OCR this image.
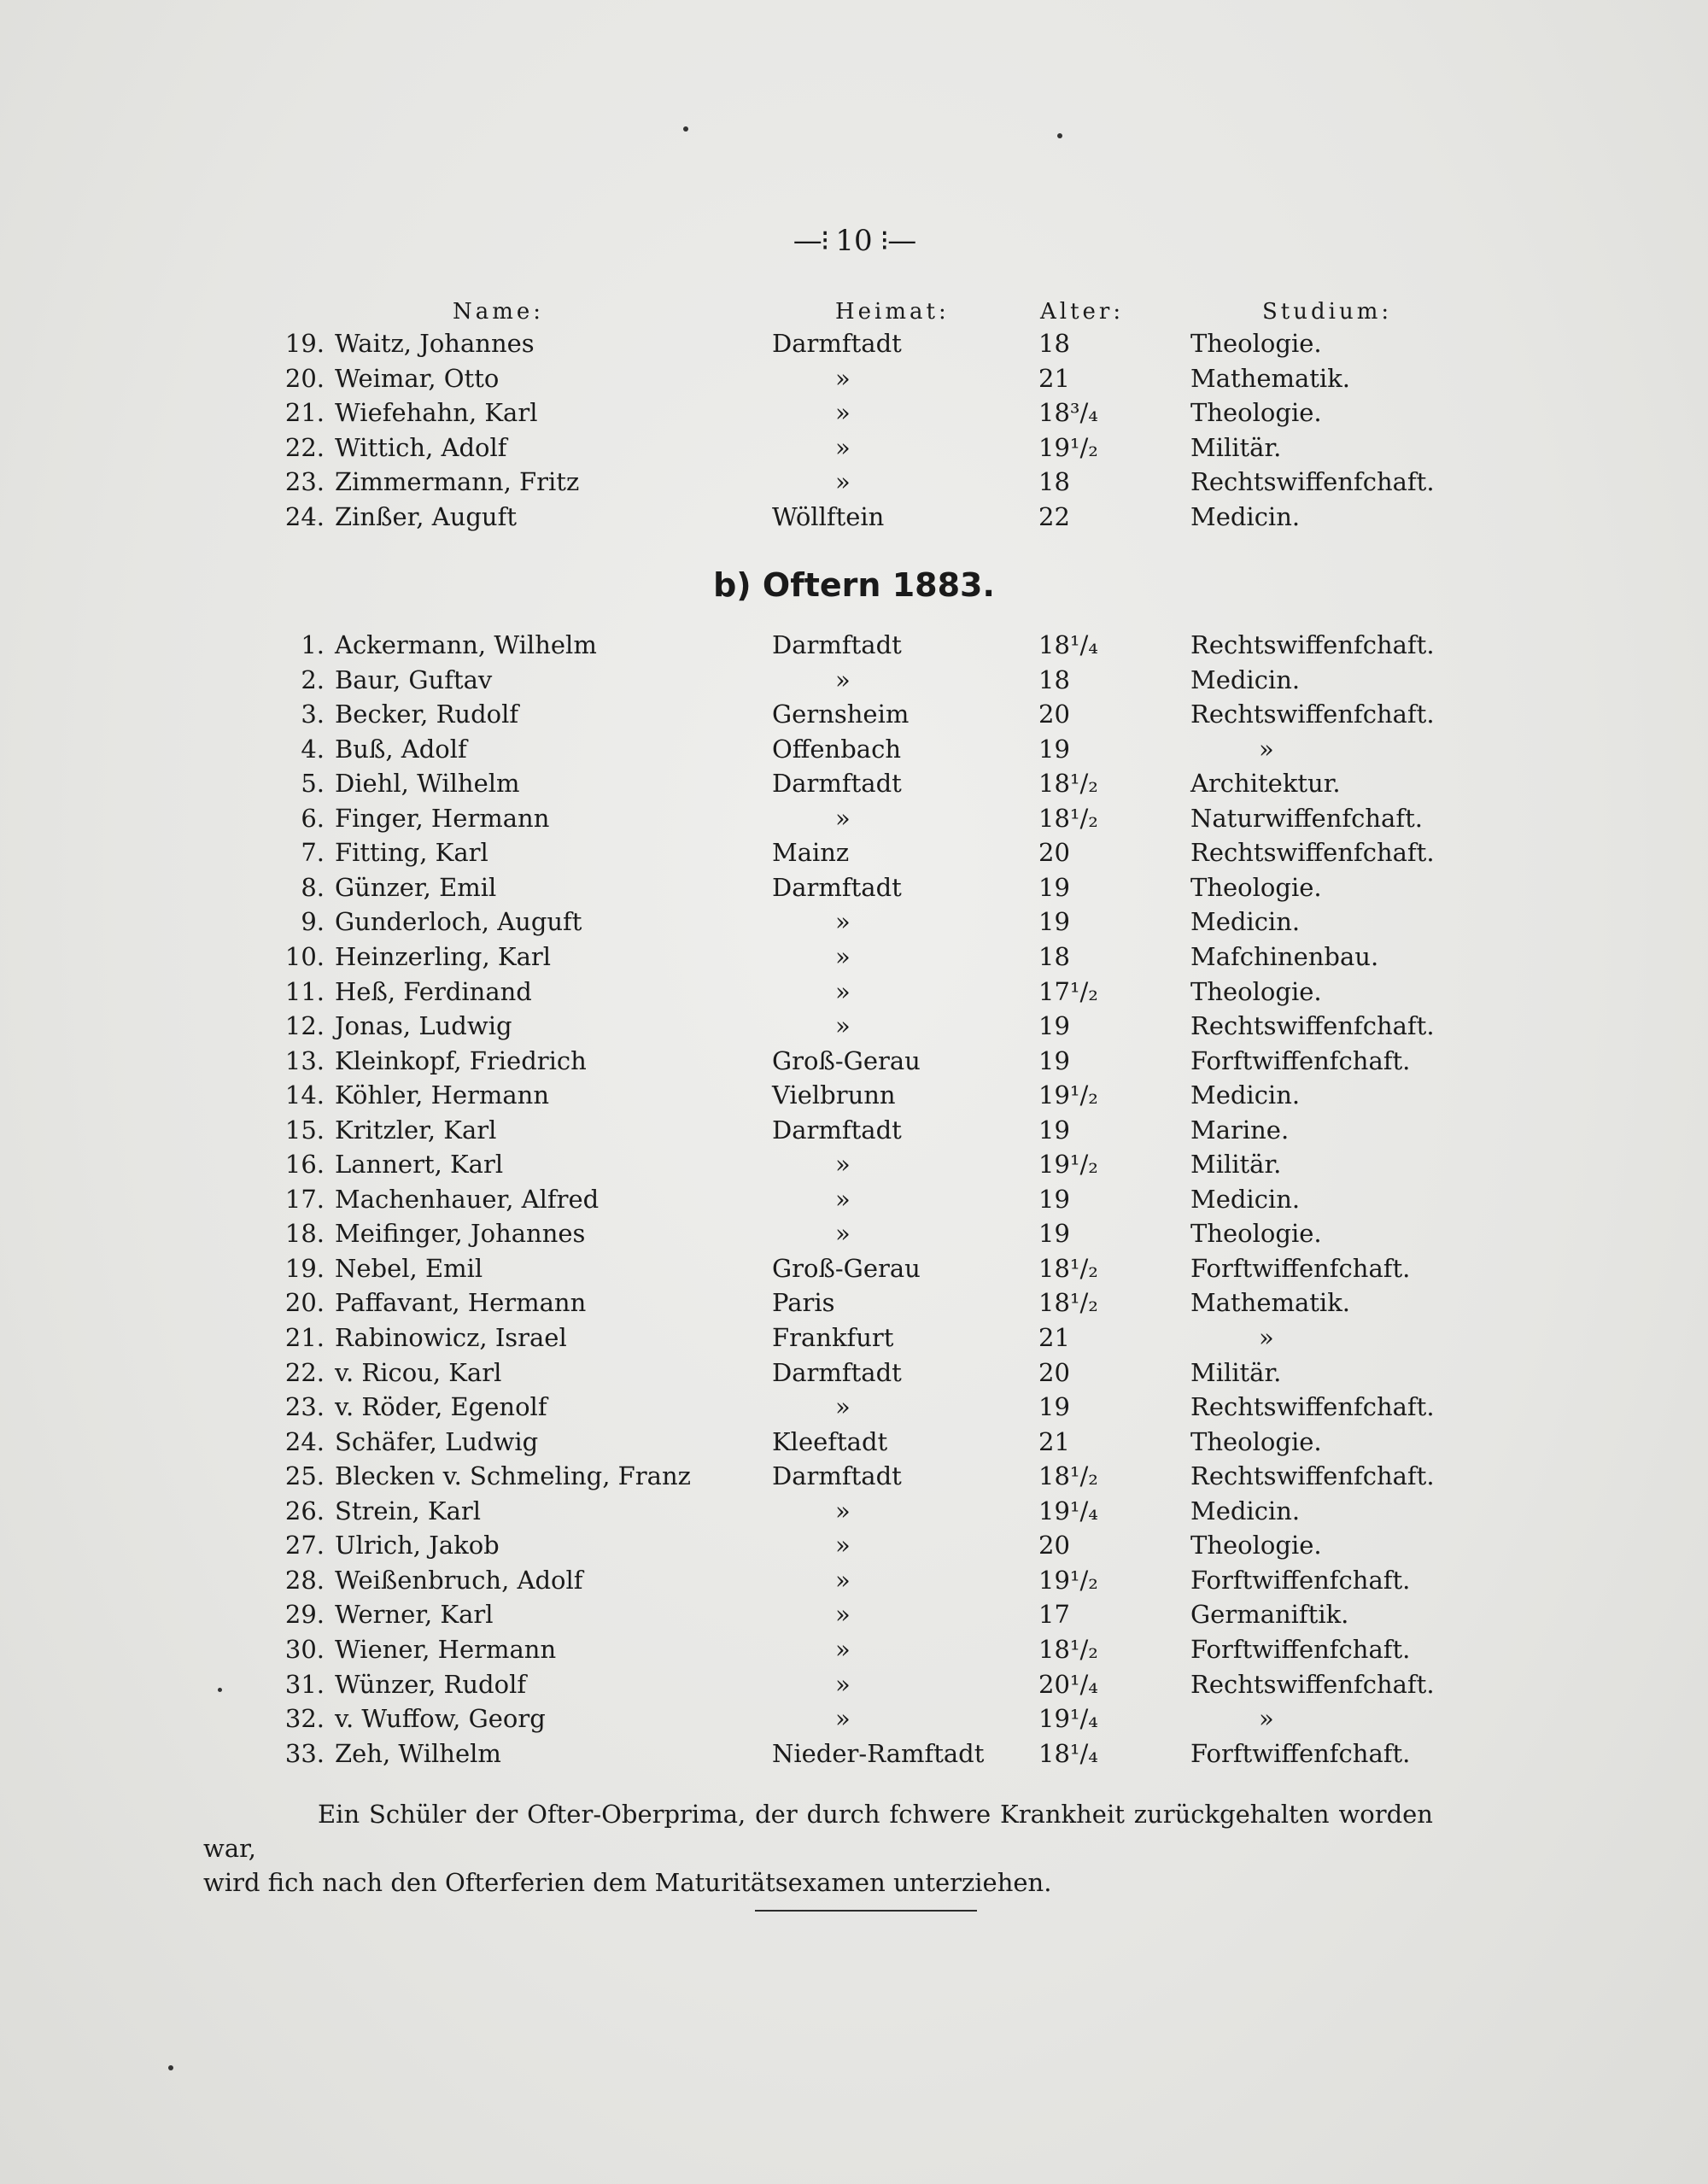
—⁝ 10 ⁝—
Name:	Heimat:	Alter:	Studium:
19. Waitz, Johannes	Darmftadt	18	Theologie.
20. Weimar, Otto	»	21	Mathematik.
21. Wiefehahn, Karl	»	18³/₄	Theologie.
22. Wittich, Adolf	»	19¹/₂	Militär.
23. Zimmermann, Fritz	»	18	Rechtswiffenfchaft.
24. Zinßer, Auguft	Wöllftein	22	Medicin.
b) Oftern 1883.
1. Ackermann, Wilhelm	Darmftadt	18¹/₄	Rechtswiffenfchaft.
2. Baur, Guftav	»	18	Medicin.
3. Becker, Rudolf	Gernsheim	20	Rechtswiffenfchaft.
4. Buß, Adolf	Offenbach	19	»
5. Diehl, Wilhelm	Darmftadt	18¹/₂	Architektur.
6. Finger, Hermann	»	18¹/₂	Naturwiffenfchaft.
7. Fitting, Karl	Mainz	20	Rechtswiffenfchaft.
8. Günzer, Emil	Darmftadt	19	Theologie.
9. Gunderloch, Auguft	»	19	Medicin.
10. Heinzerling, Karl	»	18	Mafchinenbau.
11. Heß, Ferdinand	»	17¹/₂	Theologie.
12. Jonas, Ludwig	»	19	Rechtswiffenfchaft.
13. Kleinkopf, Friedrich	Groß-Gerau	19	Forftwiffenfchaft.
14. Köhler, Hermann	Vielbrunn	19¹/₂	Medicin.
15. Kritzler, Karl	Darmftadt	19	Marine.
16. Lannert, Karl	»	19¹/₂	Militär.
17. Machenhauer, Alfred	»	19	Medicin.
18. Meifinger, Johannes	»	19	Theologie.
19. Nebel, Emil	Groß-Gerau	18¹/₂	Forftwiffenfchaft.
20. Paffavant, Hermann	Paris	18¹/₂	Mathematik.
21. Rabinowicz, Israel	Frankfurt	21	»
22. v. Ricou, Karl	Darmftadt	20	Militär.
23. v. Röder, Egenolf	»	19	Rechtswiffenfchaft.
24. Schäfer, Ludwig	Kleeftadt	21	Theologie.
25. Blecken v. Schmeling, Franz	Darmftadt	18¹/₂	Rechtswiffenfchaft.
26. Strein, Karl	»	19¹/₄	Medicin.
27. Ulrich, Jakob	»	20	Theologie.
28. Weißenbruch, Adolf	»	19¹/₂	Forftwiffenfchaft.
29. Werner, Karl	»	17	Germaniftik.
30. Wiener, Hermann	»	18¹/₂	Forftwiffenfchaft.
31. Wünzer, Rudolf	»	20¹/₄	Rechtswiffenfchaft.
32. v. Wuffow, Georg	»	19¹/₄	»
33. Zeh, Wilhelm	Nieder-Ramftadt 18¹/₄	Forftwiffenfchaft.
Ein Schüler der Ofter-Oberprima, der durch fchwere Krankheit zurückgehalten worden war,
wird fich nach den Ofterferien dem Maturitätsexamen unterziehen.
